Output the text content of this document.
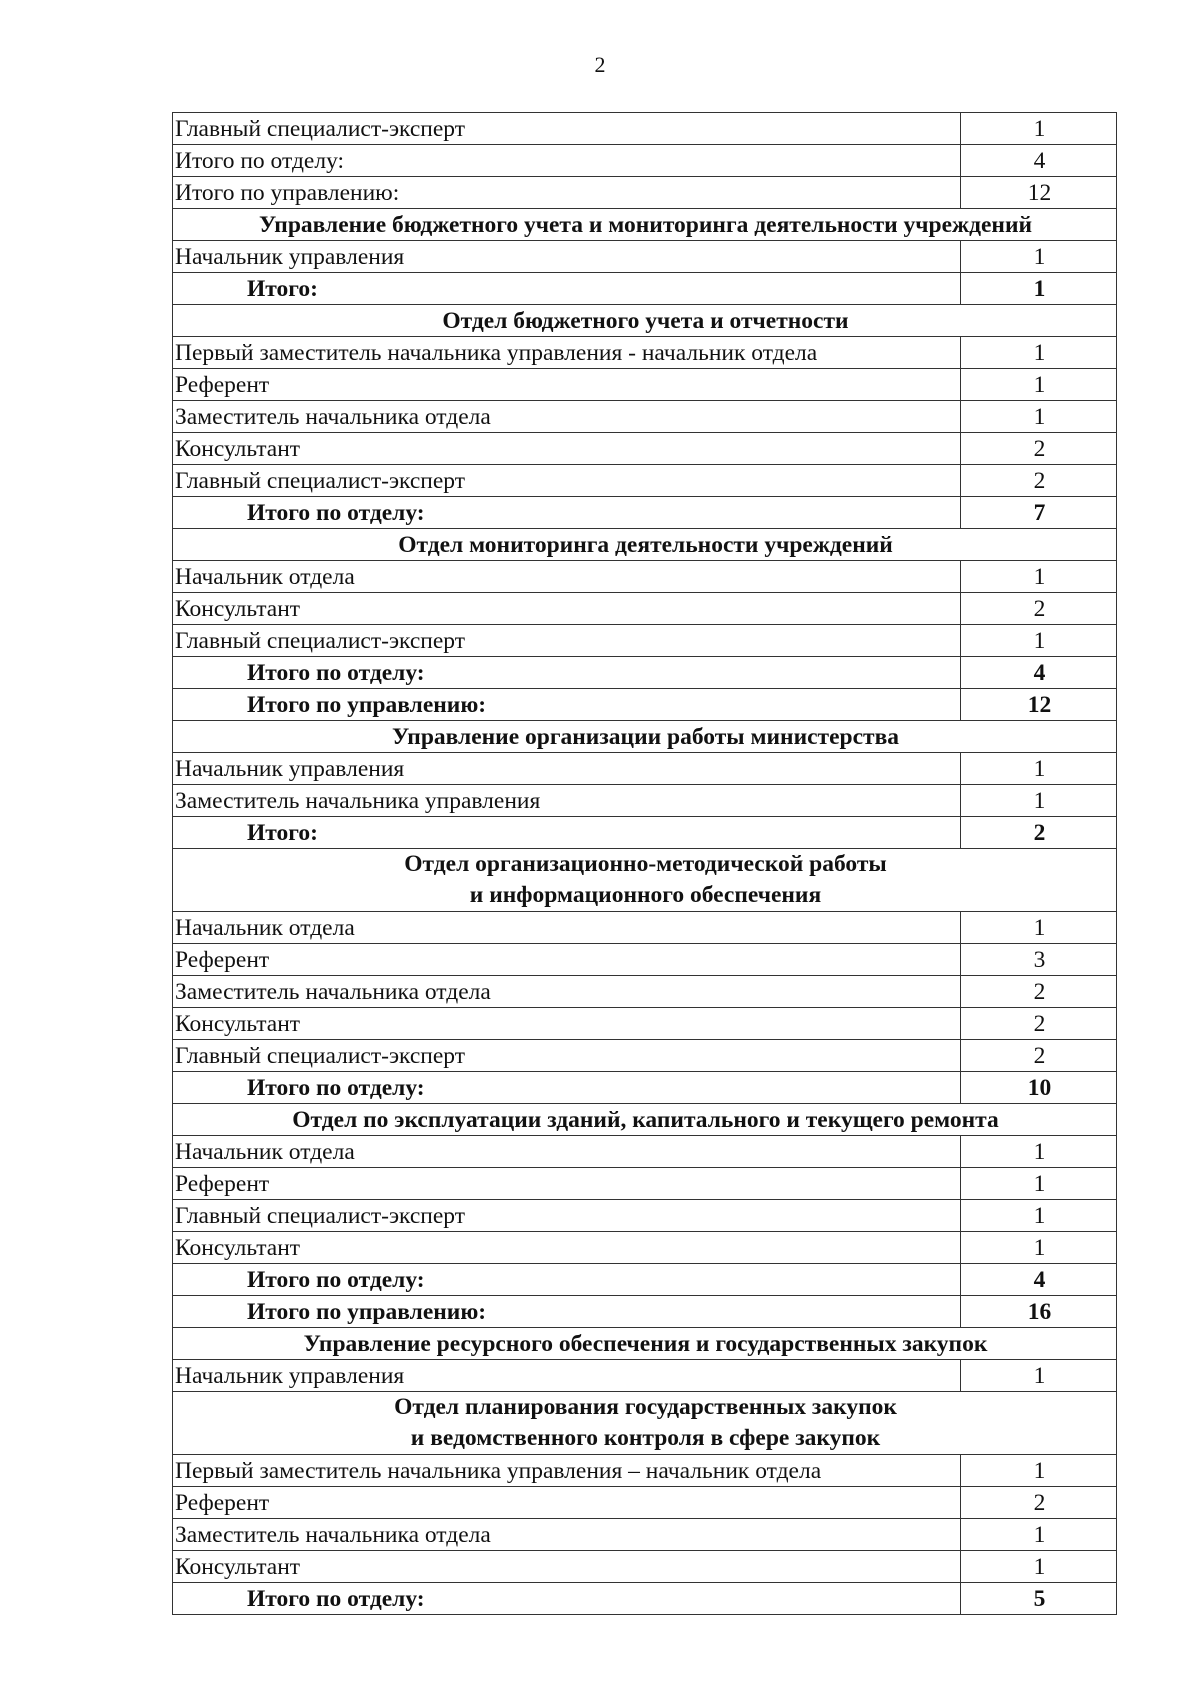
2
Главный специалист-эксперт	1
Итого по отделу:	4
Итого по управлению:	12

Управление бюджетного учета и мониторинга деятельности учреждений	

Начальник управления	1
Итого:	1

Отдел бюджетного учета и отчетности	

Первый заместитель начальника управления - начальник отдела	1
Референт	1
Заместитель начальника отдела	1
Консультант	2
Главный специалист-эксперт	2
Итого по отделу:	7

Отдел мониторинга деятельности учреждений	

Начальник отдела	1
Консультант	2
Главный специалист-эксперт	1
Итого по отделу:	4
Итого по управлению:	12

Управление организации работы министерства	

Начальник управления	1
Заместитель начальника управления	1
Итого:	2

Отдел организационно-методической работы
и информационного обеспечения	

Начальник отдела	1
Референт	3
Заместитель начальника отдела	2
Консультант	2
Главный специалист-эксперт	2
Итого по отделу:	10

Отдел по эксплуатации зданий, капитального и текущего ремонта	

Начальник отдела	1
Референт	1
Главный специалист-эксперт	1
Консультант	1
Итого по отделу:	4
Итого по управлению:	16

Управление ресурсного обеспечения и государственных закупок	

Начальник управления	1

Отдел планирования государственных закупок
и ведомственного контроля в сфере закупок	

Первый заместитель начальника управления – начальник отдела	1
Референт	2
Заместитель начальника отдела	1
Консультант	1
Итого по отделу:	5
